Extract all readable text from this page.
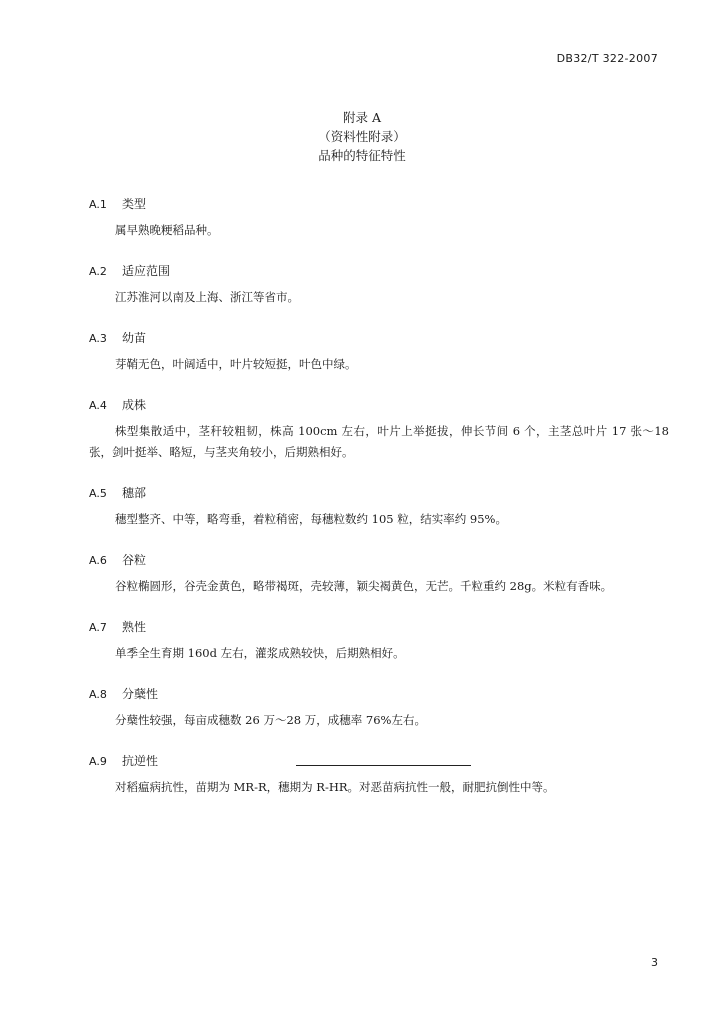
DB32/T 322-2007
附录 A
（资料性附录）
品种的特征特性
A.1 类型
属早熟晚粳稻品种。
A.2 适应范围
江苏淮河以南及上海、浙江等省市。
A.3 幼苗
芽鞘无色，叶阔适中，叶片较短挺，叶色中绿。
A.4 成株
株型集散适中，茎秆较粗韧，株高 100cm 左右，叶片上举挺拔，伸长节间 6 个，主茎总叶片 17 张～18 张，剑叶挺举、略短，与茎夹角较小，后期熟相好。
A.5 穗部
穗型整齐、中等，略弯垂，着粒稍密，每穗粒数约 105 粒，结实率约 95%。
A.6 谷粒
谷粒椭圆形，谷壳金黄色，略带褐斑，壳较薄，颖尖褐黄色，无芒。千粒重约 28g。米粒有香味。
A.7 熟性
单季全生育期 160d 左右，灌浆成熟较快，后期熟相好。
A.8 分蘖性
分蘖性较强，每亩成穗数 26 万～28 万，成穗率 76%左右。
A.9 抗逆性
对稻瘟病抗性，苗期为 MR-R，穗期为 R-HR。对恶苗病抗性一般，耐肥抗倒性中等。
3
